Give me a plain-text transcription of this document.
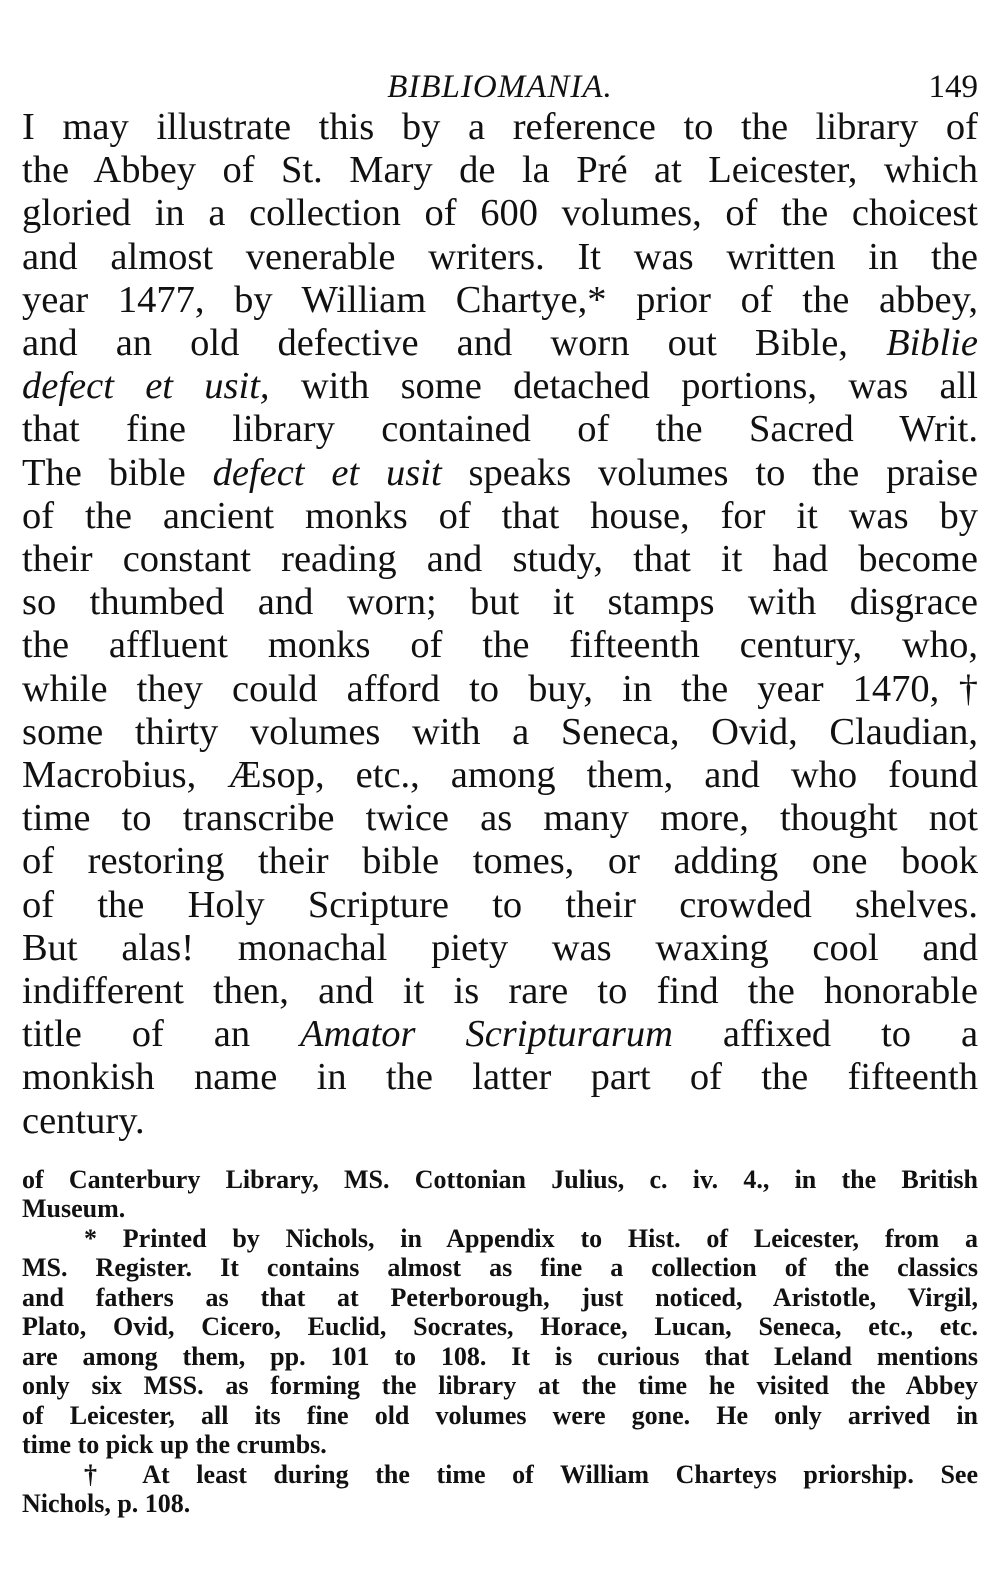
BIBLIOMANIA.	149
I may illustrate this by a reference to the library of
the Abbey of St. Mary de la Pré at Leicester, which
gloried in a collection of 600 volumes, of the choicest
and almost venerable writers. It was written in the
year 1477, by William Chartye,* prior of the abbey,
and an old defective and worn out Bible, Biblie
defect et usit, with some detached portions, was all
that fine library contained of the Sacred Writ.
The bible defect et usit speaks volumes to the praise
of the ancient monks of that house, for it was by
their constant reading and study, that it had become
so thumbed and worn; but it stamps with disgrace
the affluent monks of the fifteenth century, who,
while they could afford to buy, in the year 1470,†
some thirty volumes with a Seneca, Ovid, Claudian,
Macrobius, Æsop, etc., among them, and who found
time to transcribe twice as many more, thought not
of restoring their bible tomes, or adding one book
of the Holy Scripture to their crowded shelves.
But alas! monachal piety was waxing cool and
indifferent then, and it is rare to find the honorable
title of an Amator Scripturarum affixed to a
monkish name in the latter part of the fifteenth
century.
of Canterbury Library, MS. Cottonian Julius, c. iv. 4., in the British
Museum.
* Printed by Nichols, in Appendix to Hist. of Leicester, from a
MS. Register. It contains almost as fine a collection of the classics
and fathers as that at Peterborough, just noticed, Aristotle, Virgil,
Plato, Ovid, Cicero, Euclid, Socrates, Horace, Lucan, Seneca, etc., etc.
are among them, pp. 101 to 108. It is curious that Leland mentions
only six MSS. as forming the library at the time he visited the Abbey
of Leicester, all its fine old volumes were gone. He only arrived in
time to pick up the crumbs.
† At least during the time of William Charteys priorship. See
Nichols, p. 108.
